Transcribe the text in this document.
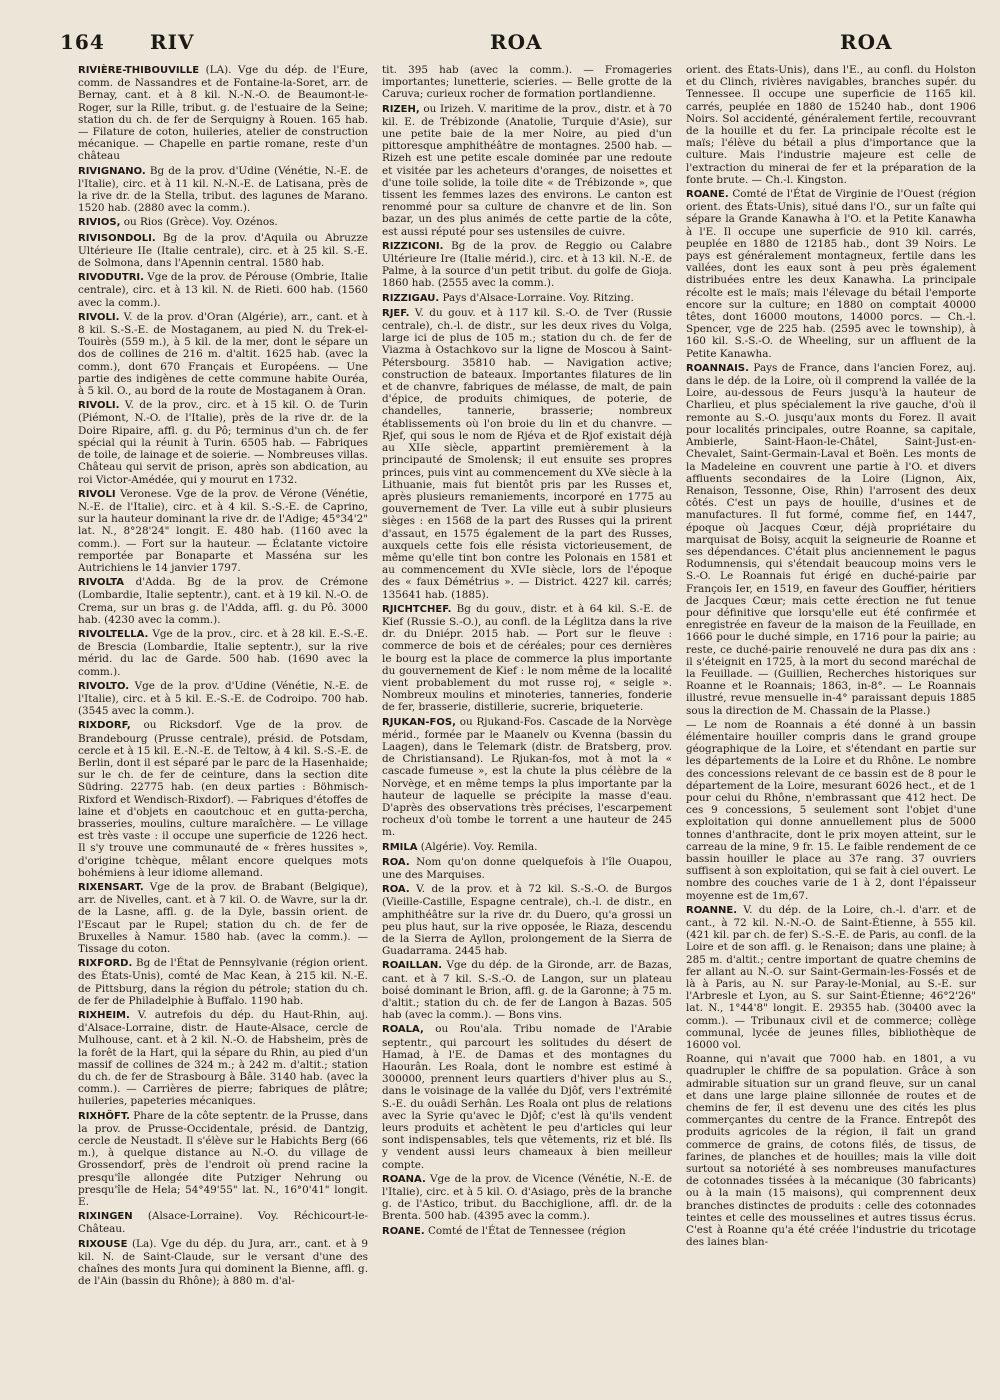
164 RIV	ROA	ROA

RIVIÈRE-THIBOUVILLE (LA). Vge du dép. de l'Eure, comm. de Nassandres et de Fontaine-la-Soret, arr. de Bernay, cant. et à 8 kil. N.-N.-O. de Beaumont-le-Roger, sur la Rille, tribut. g. de l'estuaire de la Seine; station du ch. de fer de Serquigny à Rouen. 165 hab. — Filature de coton, huileries, atelier de construction mécanique. — Chapelle en partie romane, reste d'un château

RIVIGNANO. Bg de la prov. d'Udine (Vénétie, N.-E. de l'Italie), circ. et à 11 kil. N.-N.-E. de Latisana, près de la rive dr. de la Stella, tribut. des lagunes de Marano. 1520 hab. (2880 avec la comm.).

RIVIOS, ou Rios (Grèce). Voy. Ozénos.

RIVISONDOLI. Bg de la prov. d'Aquila ou Abruzze Ultérieure IIe (Italie centrale), circ. et à 25 kil. S.-E. de Solmona, dans l'Apennin central. 1580 hab.

RIVODUTRI. Vge de la prov. de Pérouse (Ombrie, Italie centrale), circ. et à 13 kil. N. de Rieti. 600 hab. (1560 avec la comm.).

RIVOLI. V. de la prov. d'Oran (Algérie), arr., cant. et à 8 kil. S.-S.-E. de Mostaganem, au pied N. du Trek-el-Touirès (559 m.), à 5 kil. de la mer, dont le sépare un dos de collines de 216 m. d'altit. 1625 hab. (avec la comm.), dont 670 Français et Européens. — Une partie des indigènes de cette commune habite Ouréa, à 5 kil. O., au bord de la route de Mostaganem à Oran.

RIVOLI. V. de la prov., circ. et à 15 kil. O. de Turin (Piémont, N.-O. de l'Italie), près de la rive dr. de la Doire Ripaire, affl. g. du Pô; terminus d'un ch. de fer spécial qui la réunit à Turin. 6505 hab. — Fabriques de toile, de lainage et de soierie. — Nombreuses villas. Château qui servit de prison, après son abdication, au roi Victor-Amédée, qui y mourut en 1732.

RIVOLI Veronese. Vge de la prov. de Vérone (Vénétie, N.-E. de l'Italie), circ. et à 4 kil. S.-S.-E. de Caprino, sur la hauteur dominant la rive dr. de l'Adige; 45°34'2" lat. N., 8°28'24" longit. E. 480 hab. (1160 avec la comm.). — Fort sur la hauteur. — Éclatante victoire remportée par Bonaparte et Masséna sur les Autrichiens le 14 janvier 1797.

RIVOLTA d'Adda. Bg de la prov. de Crémone (Lombardie, Italie septentr.), cant. et à 19 kil. N.-O. de Crema, sur un bras g. de l'Adda, affl. g. du Pô. 3000 hab. (4230 avec la comm.).

RIVOLTELLA. Vge de la prov., circ. et à 28 kil. E.-S.-E. de Brescia (Lombardie, Italie septentr.), sur la rive mérid. du lac de Garde. 500 hab. (1690 avec la comm.).

RIVOLTO. Vge de la prov. d'Udine (Vénétie, N.-E. de l'Italie), circ. et à 5 kil. E.-S.-E. de Codroipo. 700 hab. (3545 avec la comm.).

RIXDORF, ou Ricksdorf. Vge de la prov. de Brandebourg (Prusse centrale), présid. de Potsdam, cercle et à 15 kil. E.-N.-E. de Teltow, à 4 kil. S.-S.-E. de Berlin, dont il est séparé par le parc de la Hasenhaide; sur le ch. de fer de ceinture, dans la section dite Südring. 22775 hab. (en deux parties : Böhmisch-Rixford et Wendisch-Rixdorf). — Fabriques d'étoffes de laine et d'objets en caoutchouc et en gutta-percha, brasseries, moulins, culture maraîchère. — Le village est très vaste : il occupe une superficie de 1226 hect. Il s'y trouve une communauté de « frères hussites », d'origine tchèque, mêlant encore quelques mots bohémiens à leur idiome allemand.

RIXENSART. Vge de la prov. de Brabant (Belgique), arr. de Nivelles, cant. et à 7 kil. O. de Wavre, sur la dr. de la Lasne, affl. g. de la Dyle, bassin orient. de l'Escaut par le Rupel; station du ch. de fer de Bruxelles à Namur. 1580 hab. (avec la comm.). — Tissage du coton.

RIXFORD. Bg de l'État de Pennsylvanie (région orient. des États-Unis), comté de Mac Kean, à 215 kil. N.-E. de Pittsburg, dans la région du pétrole; station du ch. de fer de Philadelphie à Buffalo. 1190 hab.

RIXHEIM. V. autrefois du dép. du Haut-Rhin, auj. d'Alsace-Lorraine, distr. de Haute-Alsace, cercle de Mulhouse, cant. et à 2 kil. N.-O. de Habsheim, près de la forêt de la Hart, qui la sépare du Rhin, au pied d'un massif de collines de 324 m.; à 242 m. d'altit.; station du ch. de fer de Strasbourg à Bâle. 3140 hab. (avec la comm.). — Carrières de pierre; fabriques de plâtre; huileries, papeteries mécaniques.

RIXHÖFT. Phare de la côte septentr. de la Prusse, dans la prov. de Prusse-Occidentale, présid. de Dantzig, cercle de Neustadt. Il s'élève sur le Habichts Berg (66 m.), à quelque distance au N.-O. du village de Grossendorf, près de l'endroit où prend racine la presqu'île allongée dite Putziger Nehrung ou presqu'île de Hela; 54°49'55" lat. N., 16°0'41" longit. E.

RIXINGEN (Alsace-Lorraine). Voy. Réchicourt-le-Château.

RIXOUSE (La). Vge du dép. du Jura, arr., cant. et à 9 kil. N. de Saint-Claude, sur le versant d'une des chaînes des monts Jura qui dominent la Bienne, affl. g. de l'Ain (bassin du Rhône); à 880 m. d'al-

tit. 395 hab (avec la comm.). — Fromageries importantes; lunetterie, scieries. — Belle grotte de la Caruva; curieux rocher de formation portlandienne.

RIZEH, ou Irizeh. V. maritime de la prov., distr. et à 70 kil. E. de Trébizonde (Anatolie, Turquie d'Asie), sur une petite baie de la mer Noire, au pied d'un pittoresque amphithéâtre de montagnes. 2500 hab. — Rizeh est une petite escale dominée par une redoute et visitée par les acheteurs d'oranges, de noisettes et d'une toile solide, la toile dite « de Trébizonde », que tissent les femmes lazes des environs. Le canton est renommé pour sa culture de chanvre et de lin. Son bazar, un des plus animés de cette partie de la côte, est aussi réputé pour ses ustensiles de cuivre.

RIZZICONI. Bg de la prov. de Reggio ou Calabre Ultérieure Ire (Italie mérid.), circ. et à 13 kil. N.-E. de Palme, à la source d'un petit tribut. du golfe de Gioja. 1860 hab. (2555 avec la comm.).

RIZZIGAU. Pays d'Alsace-Lorraine. Voy. Ritzing.

RJEF. V. du gouv. et à 117 kil. S.-O. de Tver (Russie centrale), ch.-l. de distr., sur les deux rives du Volga, large ici de plus de 105 m.; station du ch. de fer de Viazma à Ostachkovo sur la ligne de Moscou à Saint-Pétersbourg. 35810 hab. — Navigation active; construction de bateaux. Importantes filatures de lin et de chanvre, fabriques de mélasse, de malt, de pain d'épice, de produits chimiques, de poterie, de chandelles, tannerie, brasserie; nombreux établissements où l'on broie du lin et du chanvre. — Rjef, qui sous le nom de Rjéva et de Rjof existait déjà au XIIe siècle, appartint premièrement à la principauté de Smolensk; il eut ensuite ses propres princes, puis vint au commencement du XVe siècle à la Lithuanie, mais fut bientôt pris par les Russes et, après plusieurs remaniements, incorporé en 1775 au gouvernement de Tver. La ville eut à subir plusieurs sièges : en 1568 de la part des Russes qui la prirent d'assaut, en 1575 également de la part des Russes, auxquels cette fois elle résista victorieusement, de même qu'elle tint bon contre les Polonais en 1581 et au commencement du XVIe siècle, lors de l'époque des « faux Démétrius ». — District. 4227 kil. carrés; 135641 hab. (1885).

RJICHTCHEF. Bg du gouv., distr. et à 64 kil. S.-E. de Kief (Russie S.-O.), au confl. de la Léglitza dans la rive dr. du Dniépr. 2015 hab. — Port sur le fleuve : commerce de bois et de céréales; pour ces dernières le bourg est la place de commerce la plus importante du gouvernement de Kief : le nom même de la localité vient probablement du mot russe roj, « seigle ». Nombreux moulins et minoteries, tanneries, fonderie de fer, brasserie, distillerie, sucrerie, briqueterie.

RJUKAN-FOS, ou Rjukand-Fos. Cascade de la Norvège mérid., formée par le Maanelv ou Kvenna (bassin du Laagen), dans le Telemark (distr. de Bratsberg, prov. de Christiansand). Le Rjukan-fos, mot à mot la « cascade fumeuse », est la chute la plus célèbre de la Norvège, et en même temps la plus importante par la hauteur de laquelle se précipite la masse d'eau. D'après des observations très précises, l'escarpement rocheux d'où tombe le torrent a une hauteur de 245 m.

RMILA (Algérie). Voy. Remila.

ROA. Nom qu'on donne quelquefois à l'île Ouapou, une des Marquises.

ROA. V. de la prov. et à 72 kil. S.-S.-O. de Burgos (Vieille-Castille, Espagne centrale), ch.-l. de distr., en amphithéâtre sur la rive dr. du Duero, qu'a grossi un peu plus haut, sur la rive opposée, le Riaza, descendu de la Sierra de Ayllon, prolongement de la Sierra de Guadarrama. 2445 hab.

ROAILLAN. Vge du dép. de la Gironde, arr. de Bazas, cant. et à 7 kil. S.-S.-O. de Langon, sur un plateau boisé dominant le Brion, affl. g. de la Garonne; à 75 m. d'altit.; station du ch. de fer de Langon à Bazas. 505 hab (avec la comm.). — Bons vins.

ROALA, ou Rou'ala. Tribu nomade de l'Arabie septentr., qui parcourt les solitudes du désert de Hamad, à l'E. de Damas et des montagnes du Haourân. Les Roala, dont le nombre est estimé à 300000, prennent leurs quartiers d'hiver plus au S., dans le voisinage de la vallée du Djôf, vers l'extrémité S.-E. du ouâdi Serhân. Les Roala ont plus de relations avec la Syrie qu'avec le Djôf; c'est là qu'ils vendent leurs produits et achètent le peu d'articles qui leur sont indispensables, tels que vêtements, riz et blé. Ils y vendent aussi leurs chameaux à bien meilleur compte.

ROANA. Vge de la prov. de Vicence (Vénétie, N.-E. de l'Italie), circ. et à 5 kil. O. d'Asiago, près de la branche g. de l'Astico, tribut. du Bacchiglione, affl. dr. de la Brenta. 500 hab. (4395 avec la comm.).

ROANE. Comté de l'État de Tennessee (région

orient. des États-Unis), dans l'E., au confl. du Holston et du Clinch, rivières navigables, branches supér. du Tennessee. Il occupe une superficie de 1165 kil. carrés, peuplée en 1880 de 15240 hab., dont 1906 Noirs. Sol accidenté, généralement fertile, recouvrant de la houille et du fer. La principale récolte est le maïs; l'élève du bétail a plus d'importance que la culture. Mais l'industrie majeure est celle de l'extraction du minerai de fer et la préparation de la fonte brute. — Ch.-l. Kingston.

ROANE. Comté de l'État de Virginie de l'Ouest (région orient. des États-Unis), situé dans l'O., sur un faîte qui sépare la Grande Kanawha à l'O. et la Petite Kanawha à l'E. Il occupe une superficie de 910 kil. carrés, peuplée en 1880 de 12185 hab., dont 39 Noirs. Le pays est généralement montagneux, fertile dans les vallées, dont les eaux sont à peu près également distribuées entre les deux Kanawha. La principale récolte est le maïs; mais l'élevage du bétail l'emporte encore sur la culture; en 1880 on comptait 40000 têtes, dont 16000 moutons, 14000 porcs. — Ch.-l. Spencer, vge de 225 hab. (2595 avec le township), à 160 kil. S.-S.-O. de Wheeling, sur un affluent de la Petite Kanawha.

ROANNAIS. Pays de France, dans l'ancien Forez, auj. dans le dép. de la Loire, où il comprend la vallée de la Loire, au-dessous de Feurs jusqu'à la hauteur de Charlieu, et plus spécialement la rive gauche, d'où il remonte au S.-O. jusqu'aux monts du Forez. Il avait pour localités principales, outre Roanne, sa capitale, Ambierle, Saint-Haon-le-Châtel, Saint-Just-en-Chevalet, Saint-Germain-Laval et Boën. Les monts de la Madeleine en couvrent une partie à l'O. et divers affluents secondaires de la Loire (Lignon, Aix, Renaison, Tessonne, Oise, Rhin) l'arrosent des deux côtés. C'est un pays de houille, d'usines et de manufactures. Il fut formé, comme fief, en 1447, époque où Jacques Cœur, déjà propriétaire du marquisat de Boisy, acquit la seigneurie de Roanne et ses dépendances. C'était plus anciennement le pagus Rodumnensis, qui s'étendait beaucoup moins vers le S.-O. Le Roannais fut érigé en duché-pairie par François Ier, en 1519, en faveur des Gouffier, héritiers de Jacques Cœur; mais cette érection ne fut tenue pour définitive que lorsqu'elle eut été confirmée et enregistrée en faveur de la maison de la Feuillade, en 1666 pour le duché simple, en 1716 pour la pairie; au reste, ce duché-pairie renouvelé ne dura pas dix ans : il s'éteignit en 1725, à la mort du second maréchal de la Feuillade. — (Guillien, Recherches historiques sur Roanne et le Roannais; 1863, in-8°. — Le Roannais illustré, revue mensuelle in-4° paraissant depuis 1885 sous la direction de M. Chassain de la Plasse.)

— Le nom de Roannais a été donné à un bassin élémentaire houiller compris dans le grand groupe géographique de la Loire, et s'étendant en partie sur les départements de la Loire et du Rhône. Le nombre des concessions relevant de ce bassin est de 8 pour le département de la Loire, mesurant 6026 hect., et de 1 pour celui du Rhône, n'embrassant que 412 hect. De ces 9 concessions, 5 seulement sont l'objet d'une exploitation qui donne annuellement plus de 5000 tonnes d'anthracite, dont le prix moyen atteint, sur le carreau de la mine, 9 fr. 15. Le faible rendement de ce bassin houiller le place au 37e rang. 37 ouvriers suffisent à son exploitation, qui se fait à ciel ouvert. Le nombre des couches varie de 1 à 2, dont l'épaisseur moyenne est de 1m,67.

ROANNE. V. du dép. de la Loire, ch.-l. d'arr. et de cant., à 72 kil. N.-N.-O. de Saint-Étienne, à 555 kil. (421 kil. par ch. de fer) S.-S.-E. de Paris, au confl. de la Loire et de son affl. g. le Renaison; dans une plaine; à 285 m. d'altit.; centre important de quatre chemins de fer allant au N.-O. sur Saint-Germain-les-Fossés et de là à Paris, au N. sur Paray-le-Monial, au S.-E. sur l'Arbresle et Lyon, au S. sur Saint-Étienne; 46°2'26" lat. N., 1°44'8" longit. E. 29355 hab. (30400 avec la comm.). — Tribunaux civil et de commerce; collège communal, lycée de jeunes filles, bibliothèque de 16000 vol.

Roanne, qui n'avait que 7000 hab. en 1801, a vu quadrupler le chiffre de sa population. Grâce à son admirable situation sur un grand fleuve, sur un canal et dans une large plaine sillonnée de routes et de chemins de fer, il est devenu une des cités les plus commerçantes du centre de la France. Entrepôt des produits agricoles de la région, il fait un grand commerce de grains, de cotons filés, de tissus, de farines, de planches et de houilles; mais la ville doit surtout sa notoriété à ses nombreuses manufactures de cotonnades tissées à la mécanique (30 fabricants) ou à la main (15 maisons), qui comprennent deux branches distinctes de produits : celle des cotonnades teintes et celle des mousselines et autres tissus écrus. C'est à Roanne qu'a été créée l'industrie du tricotage des laines blan-
